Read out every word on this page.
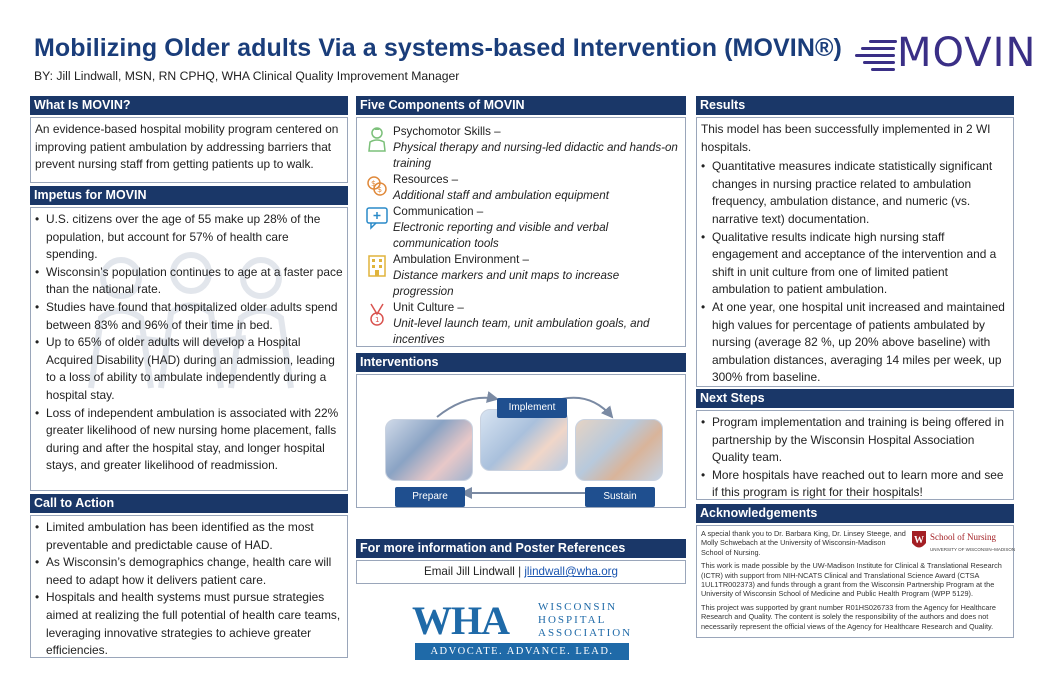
Mobilizing Older adults Via a systems-based Intervention (MOVIN®)
BY: Jill Lindwall, MSN, RN CPHQ, WHA Clinical Quality Improvement Manager	MOVIN
What Is MOVIN?
An evidence-based hospital mobility program centered on improving patient ambulation by addressing barriers that prevent nursing staff from getting patients up to walk.
Impetus for MOVIN
• U.S. citizens over the age of 55 make up 28% of the population, but account for 57% of health care spending.
• Wisconsin’s population continues to age at a faster pace than the national rate.
• Studies have found that hospitalized older adults spend between 83% and 96% of their time in bed.
• Up to 65% of older adults will develop a Hospital Acquired Disability (HAD) during an admission, leading to a loss of ability to ambulate independently during a hospital stay.
• Loss of independent ambulation is associated with 22% greater likelihood of new nursing home placement, falls during and after the hospital stay, and longer hospital stays, and greater likelihood of readmission.
Call to Action
• Limited ambulation has been identified as the most preventable and predictable cause of HAD.
• As Wisconsin’s demographics change, health care will need to adapt how it delivers patient care.
• Hospitals and health systems must pursue strategies aimed at realizing the full potential of health care teams, leveraging innovative strategies to achieve greater efficiencies.
Five Components of MOVIN
Psychomotor Skills –
Physical therapy and nursing-led didactic and hands-on training
$
$
Resources –
Additional staff and ambulation equipment
Communication –
Electronic reporting and visible and verbal communication tools
Ambulation Environment –
Distance markers and unit maps to increase progression
1
Unit Culture –
Unit-level launch team, unit ambulation goals, and incentives
Interventions
Implement
Prepare	Sustain
For more information and Poster References
Email Jill Lindwall | jlindwall@wha.org
WHA	WISCONSIN
HOSPITAL
ASSOCIATION
ADVOCATE. ADVANCE. LEAD.
Results
This model has been successfully implemented in 2 WI hospitals.
• Quantitative measures indicate statistically significant changes in nursing practice related to ambulation frequency, ambulation distance, and numeric (vs. narrative text) documentation.
• Qualitative results indicate high nursing staff engagement and acceptance of the intervention and a shift in unit culture from one of limited patient ambulation to patient ambulation.
• At one year, one hospital unit increased and maintained high values for percentage of patients ambulated by nursing (average 82 %, up 20% above baseline) with ambulation distances, averaging 14 miles per week, up 300% from baseline.
Next Steps
• Program implementation and training is being offered in partnership by the Wisconsin Hospital Association Quality team.
• More hospitals have reached out to learn more and see if this program is right for their hospitals!
Acknowledgements

A special thank you to Dr. Barbara King, Dr. Linsey Steege, and Molly Schwebach at the University of Wisconsin-Madison School of Nursing.

W School of Nursing
UNIVERSITY OF WISCONSIN–MADISON

This work is made possible by the UW-Madison Institute for Clinical & Translational Research (ICTR) with support from NIH-NCATS Clinical and Translational Science Award (CTSA 1UL1TR002373) and funds through a grant from the Wisconsin Partnership Program at the University of Wisconsin School of Medicine and Public Health Program (WPP 5129).

This project was supported by grant number R01HS026733 from the Agency for Healthcare Research and Quality. The content is solely the responsibility of the authors and does not necessarily represent the official views of the Agency for Healthcare Research and Quality.
